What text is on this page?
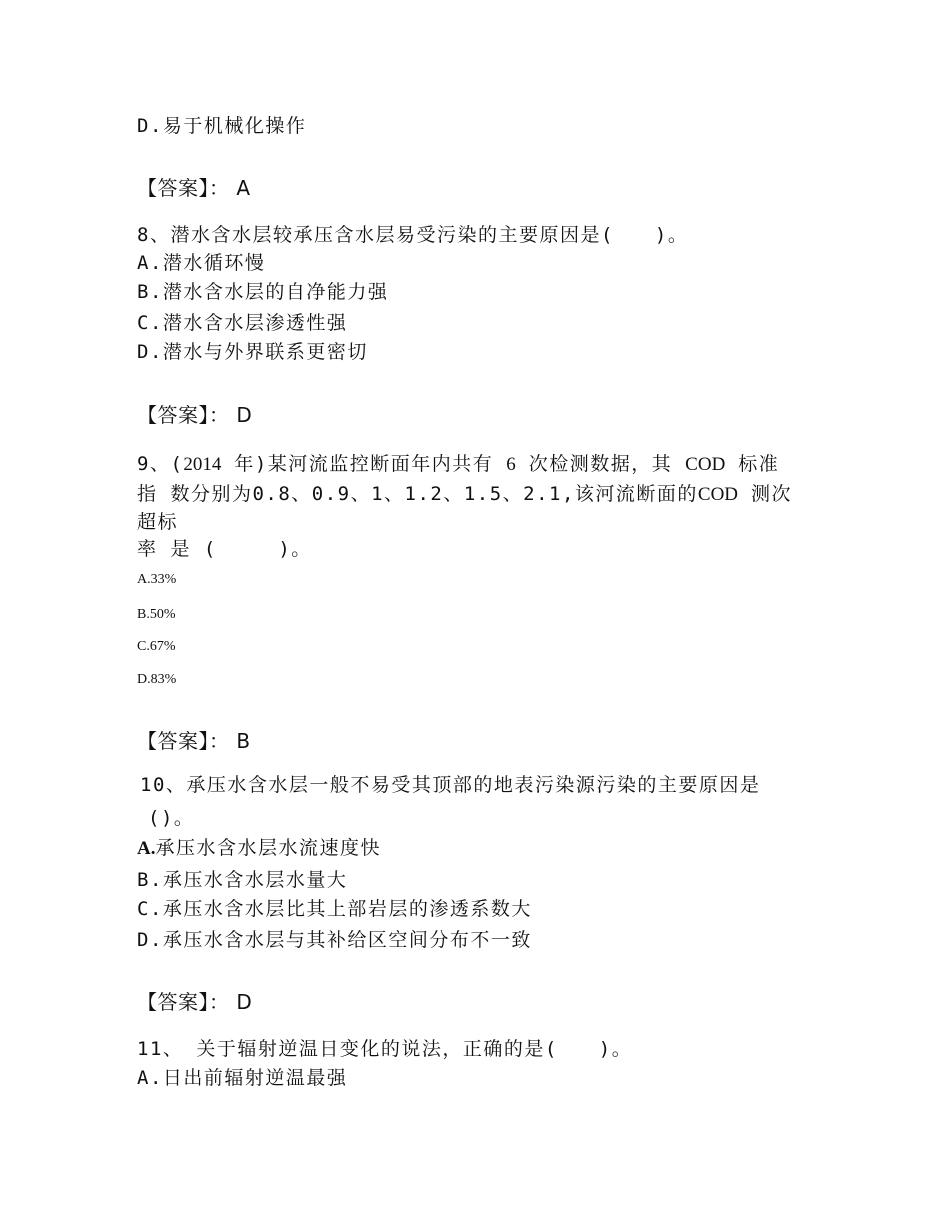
D.易于机械化操作
【答案】： A
8、潜水含水层较承压含水层易受污染的主要原因是(　　)。
A.潜水循环慢
B.潜水含水层的自净能力强
C.潜水含水层渗透性强
D.潜水与外界联系更密切
【答案】： D
9、(2014 年)某河流监控断面年内共有 6 次检测数据，其 COD 标准
指 数分别为0.8、0.9、1、1.2、1.5、2.1,该河流断面的COD 测次
超标
率 是 (　　　)。
A.33%
B.50%
C.67%
D.83%
【答案】： B
10、承压水含水层一般不易受其顶部的地表污染源污染的主要原因是
()。
A.承压水含水层水流速度快
B.承压水含水层水量大
C.承压水含水层比其上部岩层的渗透系数大
D.承压水含水层与其补给区空间分布不一致
【答案】： D
11、 关于辐射逆温日变化的说法，正确的是(　　)。
A.日出前辐射逆温最强
